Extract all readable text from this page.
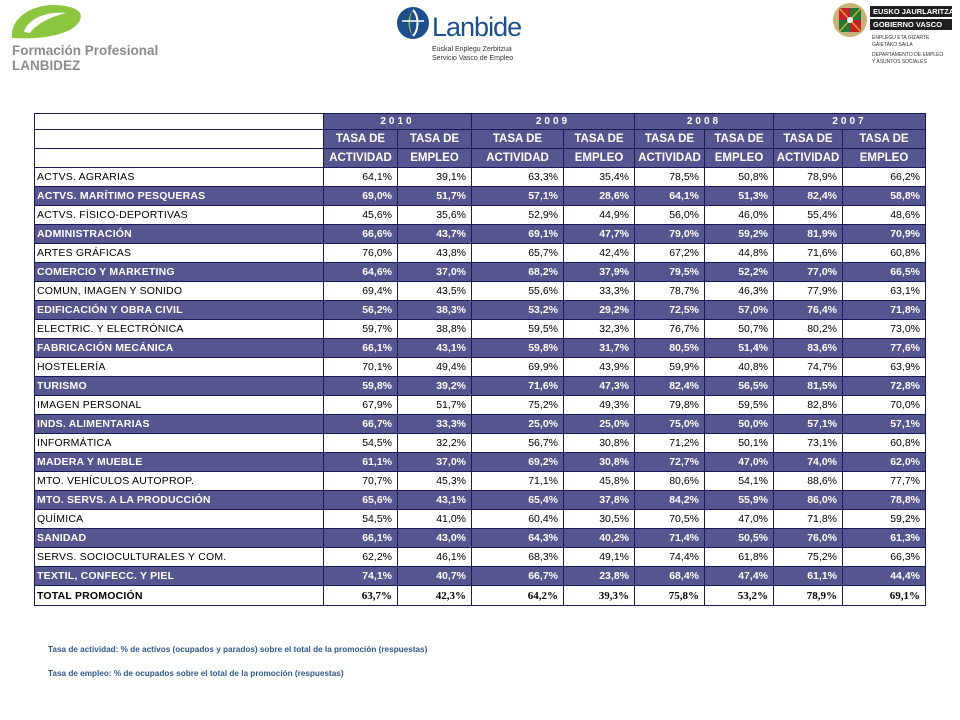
Formación Profesional
LANBIDEZ
Lanbide
Euskal Enplegu Zerbitzua
Servicio Vasco de Empleo
EUSKO JAURLARITZA
GOBIERNO VASCO
ENPLEGU ETA GIZARTE
GAIETAKO SAILA
DEPARTAMENTO DE EMPLEO
Y ASUNTOS SOCIALES
	2010		2009		2008		2007	
	TASA DE	TASA DE	TASA DE	TASA DE	TASA DE	TASA DE	TASA DE	TASA DE
	ACTIVIDAD	EMPLEO	ACTIVIDAD	EMPLEO	ACTIVIDAD	EMPLEO	ACTIVIDAD	EMPLEO
ACTVS. AGRARIAS	64,1%	39,1%	63,3%	35,4%	78,5%	50,8%	78,9%	66,2%
ACTVS. MARÍTIMO PESQUERAS	69,0%	51,7%	57,1%	28,6%	64,1%	51,3%	82,4%	58,8%
ACTVS. FÍSICO-DEPORTIVAS	45,6%	35,6%	52,9%	44,9%	56,0%	46,0%	55,4%	48,6%
ADMINISTRACIÓN	66,6%	43,7%	69,1%	47,7%	79,0%	59,2%	81,9%	70,9%
ARTES GRÁFICAS	76,0%	43,8%	65,7%	42,4%	67,2%	44,8%	71,6%	60,8%
COMERCIO Y MARKETING	64,6%	37,0%	68,2%	37,9%	79,5%	52,2%	77,0%	66,5%
COMUN, IMAGEN Y SONIDO	69,4%	43,5%	55,6%	33,3%	78,7%	46,3%	77,9%	63,1%
EDIFICACIÓN Y OBRA CIVIL	56,2%	38,3%	53,2%	29,2%	72,5%	57,0%	76,4%	71,8%
ELECTRIC. Y ELECTRÓNICA	59,7%	38,8%	59,5%	32,3%	76,7%	50,7%	80,2%	73,0%
FABRICACIÓN MECÁNICA	66,1%	43,1%	59,8%	31,7%	80,5%	51,4%	83,6%	77,6%
HOSTELERÍA	70,1%	49,4%	69,9%	43,9%	59,9%	40,8%	74,7%	63,9%
TURISMO	59,8%	39,2%	71,6%	47,3%	82,4%	56,5%	81,5%	72,8%
IMAGEN PERSONAL	67,9%	51,7%	75,2%	49,3%	79,8%	59,5%	82,8%	70,0%
INDS. ALIMENTARIAS	66,7%	33,3%	25,0%	25,0%	75,0%	50,0%	57,1%	57,1%
INFORMÁTICA	54,5%	32,2%	56,7%	30,8%	71,2%	50,1%	73,1%	60,8%
MADERA Y MUEBLE	61,1%	37,0%	69,2%	30,8%	72,7%	47,0%	74,0%	62,0%
MTO. VEHÍCULOS AUTOPROP.	70,7%	45,3%	71,1%	45,8%	80,6%	54,1%	88,6%	77,7%
MTO. SERVS. A LA PRODUCCIÓN	65,6%	43,1%	65,4%	37,8%	84,2%	55,9%	86,0%	78,8%
QUÍMICA	54,5%	41,0%	60,4%	30,5%	70,5%	47,0%	71,8%	59,2%
SANIDAD	66,1%	43,0%	64,3%	40,2%	71,4%	50,5%	76,0%	61,3%
SERVS. SOCIOCULTURALES Y COM.	62,2%	46,1%	68,3%	49,1%	74,4%	61,8%	75,2%	66,3%
TEXTIL, CONFECC. Y PIEL	74,1%	40,7%	66,7%	23,8%	68,4%	47,4%	61,1%	44,4%
TOTAL PROMOCIÓN	63,7%	42,3%	64,2%	39,3%	75,8%	53,2%	78,9%	69,1%
Tasa de actividad: % de activos (ocupados y parados) sobre el total de la promoción (respuestas)
Tasa de empleo: % de ocupados sobre el total de la promoción (respuestas)
